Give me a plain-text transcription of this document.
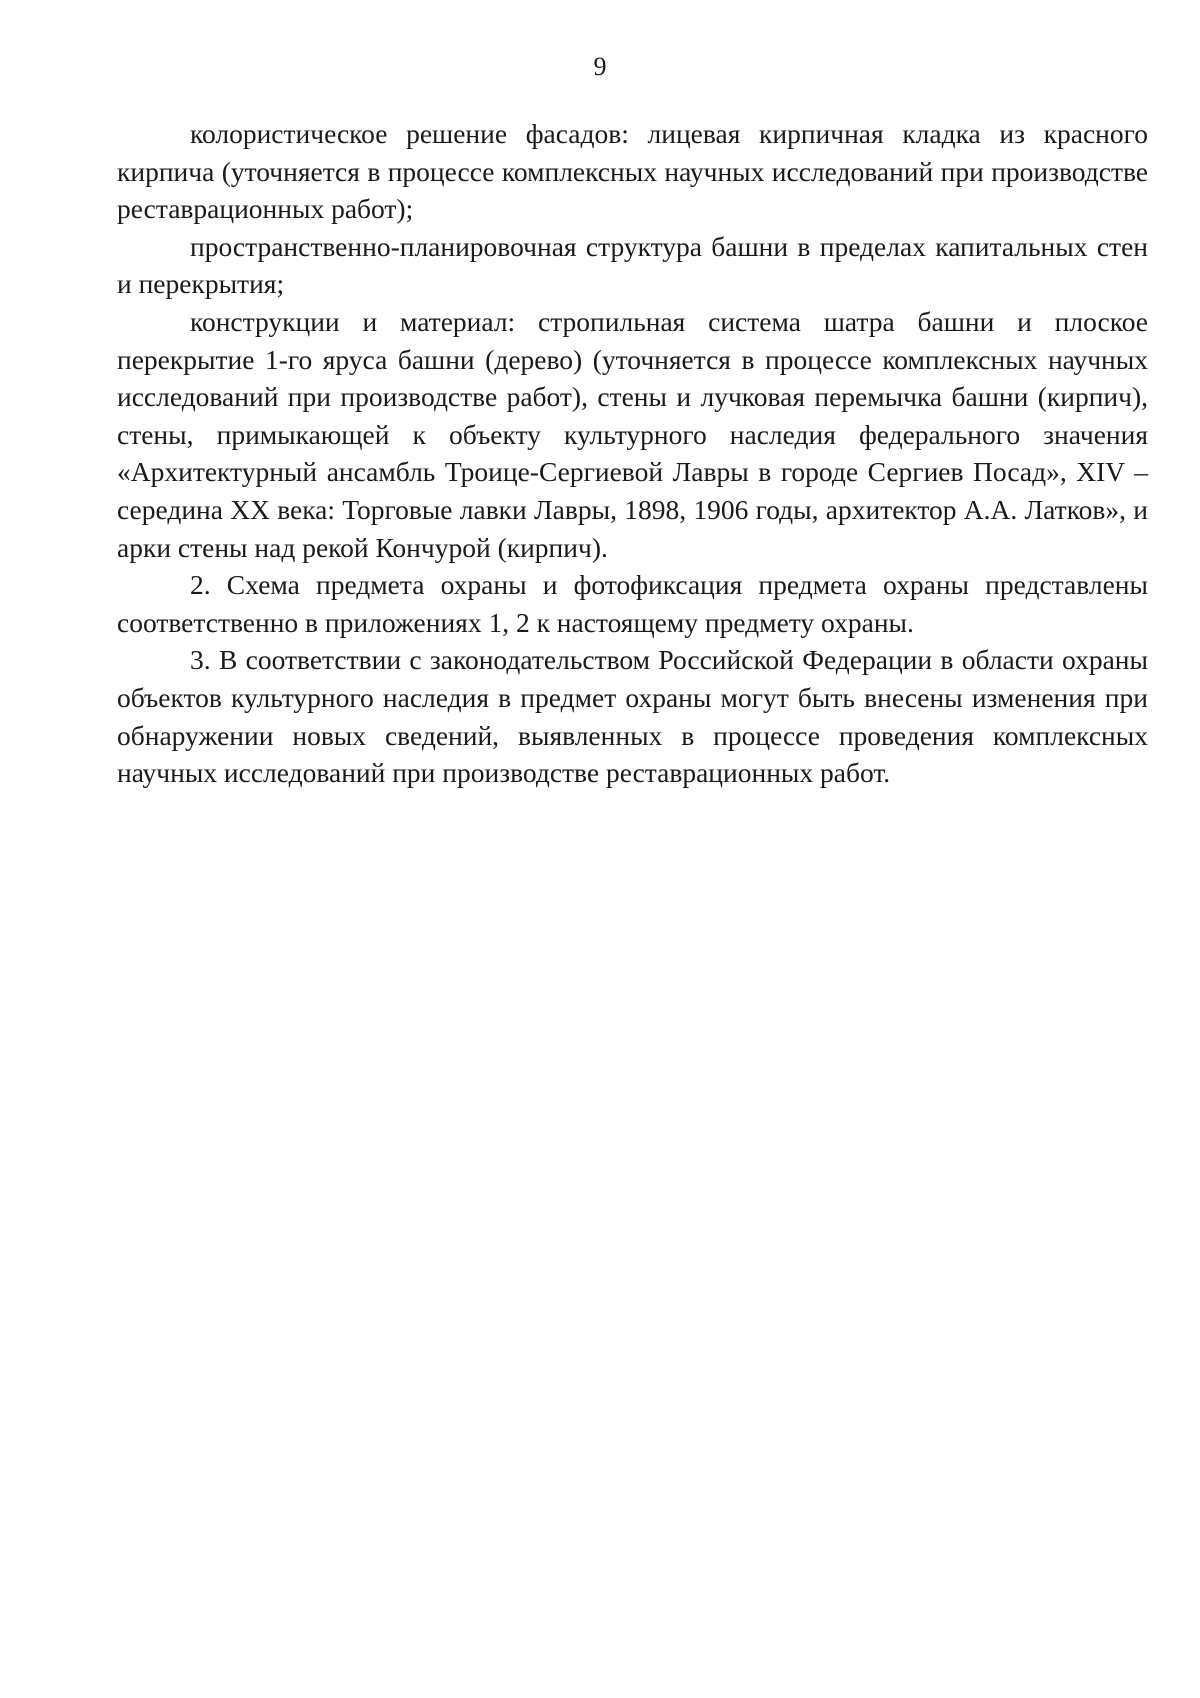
9

колористическое решение фасадов: лицевая кирпичная кладка из красного кирпича (уточняется в процессе комплексных научных исследований при производстве реставрационных работ);

пространственно-планировочная структура башни в пределах капитальных стен и перекрытия;

конструкции и материал: стропильная система шатра башни и плоское перекрытие 1-го яруса башни (дерево) (уточняется в процессе комплексных научных исследований при производстве работ), стены и лучковая перемычка башни (кирпич), стены, примыкающей к объекту культурного наследия федерального значения «Архитектурный ансамбль Троице-Сергиевой Лавры в городе Сергиев Посад», XIV – середина XX века: Торговые лавки Лавры, 1898, 1906 годы, архитектор А.А. Латков», и арки стены над рекой Кончурой (кирпич).

2. Схема предмета охраны и фотофиксация предмета охраны представлены соответственно в приложениях 1, 2 к настоящему предмету охраны.

3. В соответствии с законодательством Российской Федерации в области охраны объектов культурного наследия в предмет охраны могут быть внесены изменения при обнаружении новых сведений, выявленных в процессе проведения комплексных научных исследований при производстве реставрационных работ.
